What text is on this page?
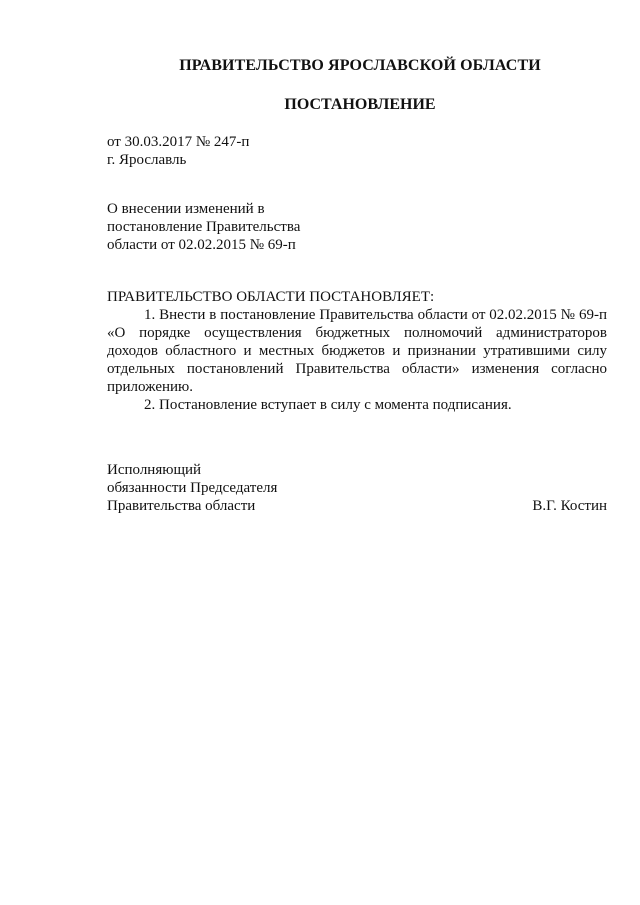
ПРАВИТЕЛЬСТВО ЯРОСЛАВСКОЙ ОБЛАСТИ
ПОСТАНОВЛЕНИЕ
от 30.03.2017 № 247-п
г. Ярославль
О внесении изменений в
постановление Правительства
области от 02.02.2015 № 69-п

ПРАВИТЕЛЬСТВО ОБЛАСТИ ПОСТАНОВЛЯЕТ:

1. Внести в постановление Правительства области от 02.02.2015 № 69-п «О порядке осуществления бюджетных полномочий администраторов доходов областного и местных бюджетов и признании утратившими силу отдельных постановлений Правительства области» изменения согласно приложению.

2. Постановление вступает в силу с момента подписания.

Исполняющий
обязанности Председателя
Правительства области	В.Г. Костин
